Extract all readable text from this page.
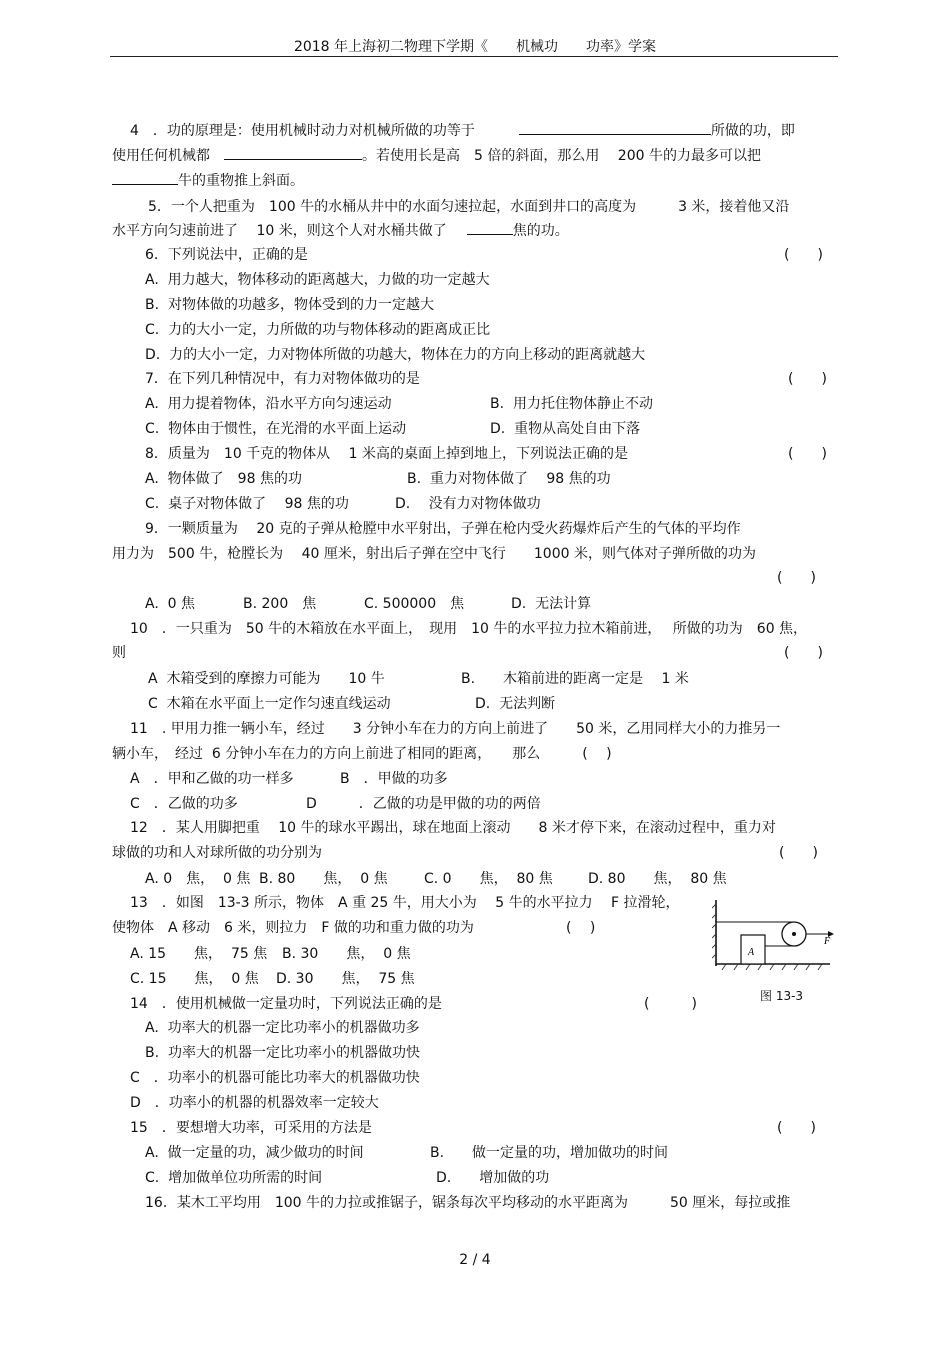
2018 年上海初二物理下学期《　　机械功　　功率》学案
4　．功的原理是：使用机械时动力对机械所做的功等于	所做的功，即
使用任何机械都	。若使用长是高　5 倍的斜面，那么用　 200 牛的力最多可以把
牛的重物推上斜面。
5．一个人把重为　100 牛的水桶从井中的水面匀速拉起，水面到井口的高度为　　　3 米，接着他又沿
水平方向匀速前进了　 10 米，则这个人对水桶共做了	焦的功。
6．下列说法中，正确的是	(　　)
A.  用力越大，物体移动的距离越大，力做的功一定越大
B.  对物体做的功越多，物体受到的力一定越大
C.  力的大小一定，力所做的功与物体移动的距离成正比
D.  力的大小一定，力对物体所做的功越大，物体在力的方向上移动的距离就越大
7．在下列几种情况中，有力对物体做功的是	(　　)
A.  用力提着物体，沿水平方向匀速运动	B.  用力托住物体静止不动
C.  物体由于惯性，在光滑的水平面上运动	D.  重物从高处自由下落
8．质量为　10 千克的物体从　 1 米高的桌面上掉到地上，下列说法正确的是	(　　)
A.  物体做了　98 焦的功	B.  重力对物体做了　 98 焦的功
C.  桌子对物体做了　 98 焦的功	D.　 没有力对物体做功
9．一颗质量为　 20 克的子弹从枪膛中水平射出，子弹在枪内受火药爆炸后产生的气体的平均作
用力为　500 牛，枪膛长为　 40 厘米，射出后子弹在空中飞行　　1000 米，则气体对子弹所做的功为
(　　)
A.  0 焦	B. 200　焦	C. 500000　焦	D.  无法计算
10　．一只重为　50 牛的木箱放在水平面上，　现用　10 牛的水平拉力拉木箱前进，　 所做的功为　60 焦，
则	(　　)
A  木箱受到的摩擦力可能为　　10 牛	B.　　木箱前进的距离一定是　 1 米
C  木箱在水平面上一定作匀速直线运动	D.  无法判断
11　. 甲用力推一辆小车，经过　　3 分钟小车在力的方向上前进了　　50 米，乙用同样大小的力推另一
辆小车，　经过  6 分钟小车在力的方向上前进了相同的距离，　　那么　　　(　 )
A　．甲和乙做的功一样多	B　．甲做的功多
C　．乙做的功多	D　　　．乙做的功是甲做的功的两倍
12　．某人用脚把重　 10 牛的球水平踢出，球在地面上滚动　　8 米才停下来，在滚动过程中，重力对
球做的功和人对球所做的功分别为	(　　)
A. 0　焦，  0 焦 B. 80　　焦，  0 焦	C. 0　　焦，  80 焦	D. 80　　焦，  80 焦
13　．如图　13-3 所示，物体　A 重 25 牛，用大小为　 5 牛的水平拉力　 F 拉滑轮，
使物体　A 移动　6 米，则拉力　F 做的功和重力做的功为	(　 )
A. 15　　焦，  75 焦 B. 30　　焦，  0 焦
C. 15　　焦，  0 焦 D. 30　　焦，  75 焦
A
F
图 13-3
14　．使用机械做一定量功时，下列说法正确的是	(　　　)
A.  功率大的机器一定比功率小的机器做功多
B.  功率大的机器一定比功率小的机器做功快
C　．功率小的机器可能比功率大的机器做功快
D　．功率小的机器的机器效率一定较大
15　．要想增大功率，可采用的方法是	(　　)
A.  做一定量的功，减少做功的时间	B.　　做一定量的功，增加做功的时间
C.  增加做单位功所需的时间	D.　　增加做的功
16．某木工平均用　100 牛的力拉或推锯子，锯条每次平均移动的水平距离为　　　50 厘米，每拉或推
2 / 4
